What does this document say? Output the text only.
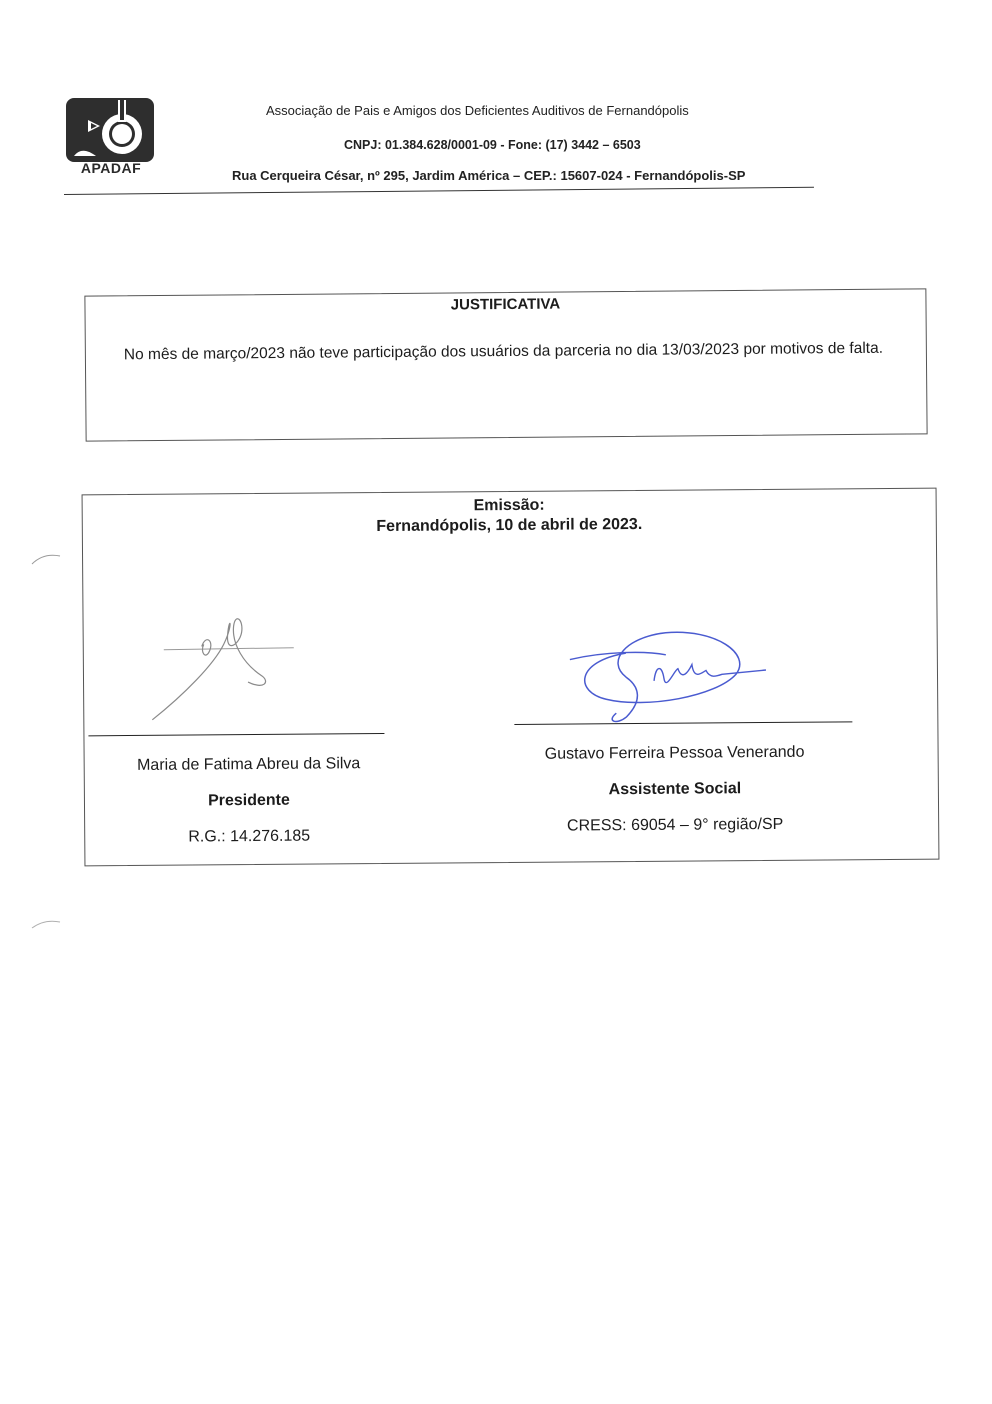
APADAF
Associação de Pais e Amigos dos Deficientes Auditivos de Fernandópolis
CNPJ: 01.384.628/0001-09 - Fone: (17) 3442 – 6503
Rua Cerqueira César, nº 295, Jardim América – CEP.: 15607-024 - Fernandópolis-SP
JUSTIFICATIVA
No mês de março/2023 não teve participação dos usuários da parceria no dia 13/03/2023 por motivos de falta.
Emissão:
Fernandópolis, 10 de abril de 2023.
Maria de Fatima Abreu da Silva
Presidente
R.G.: 14.276.185
Gustavo Ferreira Pessoa Venerando
Assistente Social
CRESS: 69054 – 9° região/SP
